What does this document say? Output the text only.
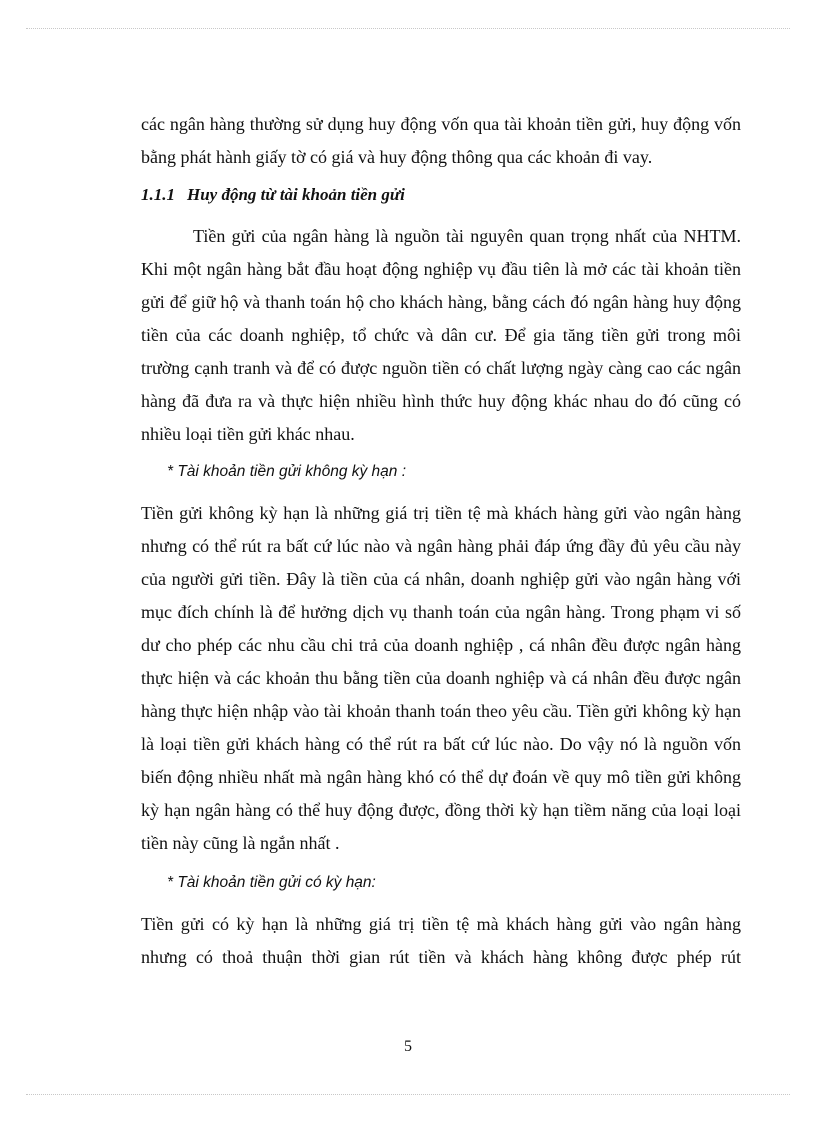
các ngân hàng thường sử dụng huy động vốn qua tài khoản tiền gửi, huy động vốn bằng phát hành giấy tờ có giá và huy động thông qua các khoản đi vay.

1.1.1 Huy động từ tài khoản tiền gửi

Tiền gửi của ngân hàng là nguồn tài nguyên quan trọng nhất của NHTM. Khi một ngân hàng bắt đầu hoạt động nghiệp vụ đầu tiên là mở các tài khoản tiền gửi để giữ hộ và thanh toán hộ cho khách hàng, bằng cách đó ngân hàng huy động tiền của các doanh nghiệp, tổ chức và dân cư. Để gia tăng tiền gửi trong môi trường cạnh tranh và để có được nguồn tiền có chất lượng ngày càng cao các ngân hàng đã đưa ra và thực hiện nhiều hình thức huy động khác nhau do đó cũng có nhiều loại tiền gửi khác nhau.

* Tài khoản tiền gửi không kỳ hạn :

Tiền gửi không kỳ hạn là những giá trị tiền tệ mà khách hàng gửi vào ngân hàng nhưng có thể rút ra bất cứ lúc nào và ngân hàng phải đáp ứng đầy đủ yêu cầu này của người gửi tiền. Đây là tiền của cá nhân, doanh nghiệp gửi vào ngân hàng với mục đích chính là để hưởng dịch vụ thanh toán của ngân hàng. Trong phạm vi số dư cho phép các nhu cầu chi trả của doanh nghiệp , cá nhân đều được ngân hàng thực hiện và các khoản thu bằng tiền của doanh nghiệp và cá nhân đều được ngân hàng thực hiện nhập vào tài khoản thanh toán theo yêu cầu. Tiền gửi không kỳ hạn là loại tiền gửi khách hàng có thể rút ra bất cứ lúc nào. Do vậy nó là nguồn vốn biến động nhiều nhất mà ngân hàng khó có thể dự đoán về quy mô tiền gửi không kỳ hạn ngân hàng có thể huy động được, đồng thời kỳ hạn tiềm năng của loại loại tiền này cũng là ngắn nhất .

* Tài khoản tiền gửi có kỳ hạn:

Tiền gửi có kỳ hạn là những giá trị tiền tệ mà khách hàng gửi vào ngân hàng nhưng có thoả thuận thời gian rút tiền và khách hàng không được phép rút

5
